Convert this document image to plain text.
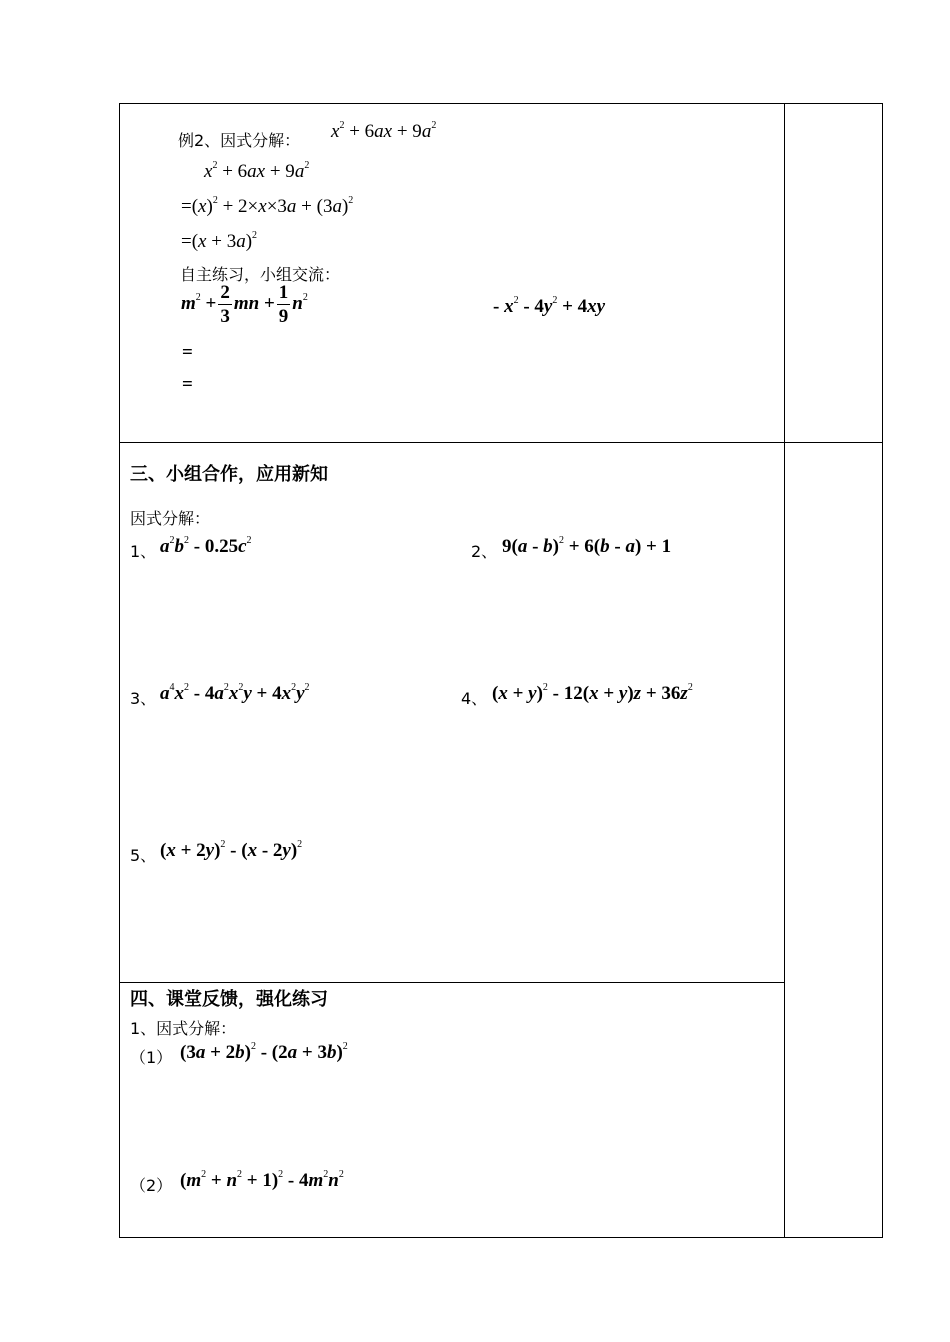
例2、因式分解： $x^2 + 6ax + 9a^2$
$x^2 + 6ax + 9a^2$
$=(x)^2 + 2\times x\times 3a + (3a)^2$
$=(x + 3a)^2$
自主练习，小组交流：
$m^2 + \frac{2}{3}$ mn + $\frac{1}{9} n^2$	- $x^2 - 4y^2 + 4xy$
=
=
三、小组合作，应用新知
因式分解：
1、 $a^2b^2 - 0.25c^2$
2、 9(a - b)$^2$ + 6(b - a) + 1
3、 $a^4x^2 - 4a^2x^2y + 4x^2y^2$
4、 $(x + y)^2 - 12(x + y)z + 36z^2$
5、 $(x + 2y)^2 - (x - 2y)^2$
四、课堂反馈，强化练习
1、因式分解：
（1） $(3a + 2b)^2 - (2a + 3b)^2$
（2） $(m^2 + n^2 + 1)^2 - 4m^2n^2$
